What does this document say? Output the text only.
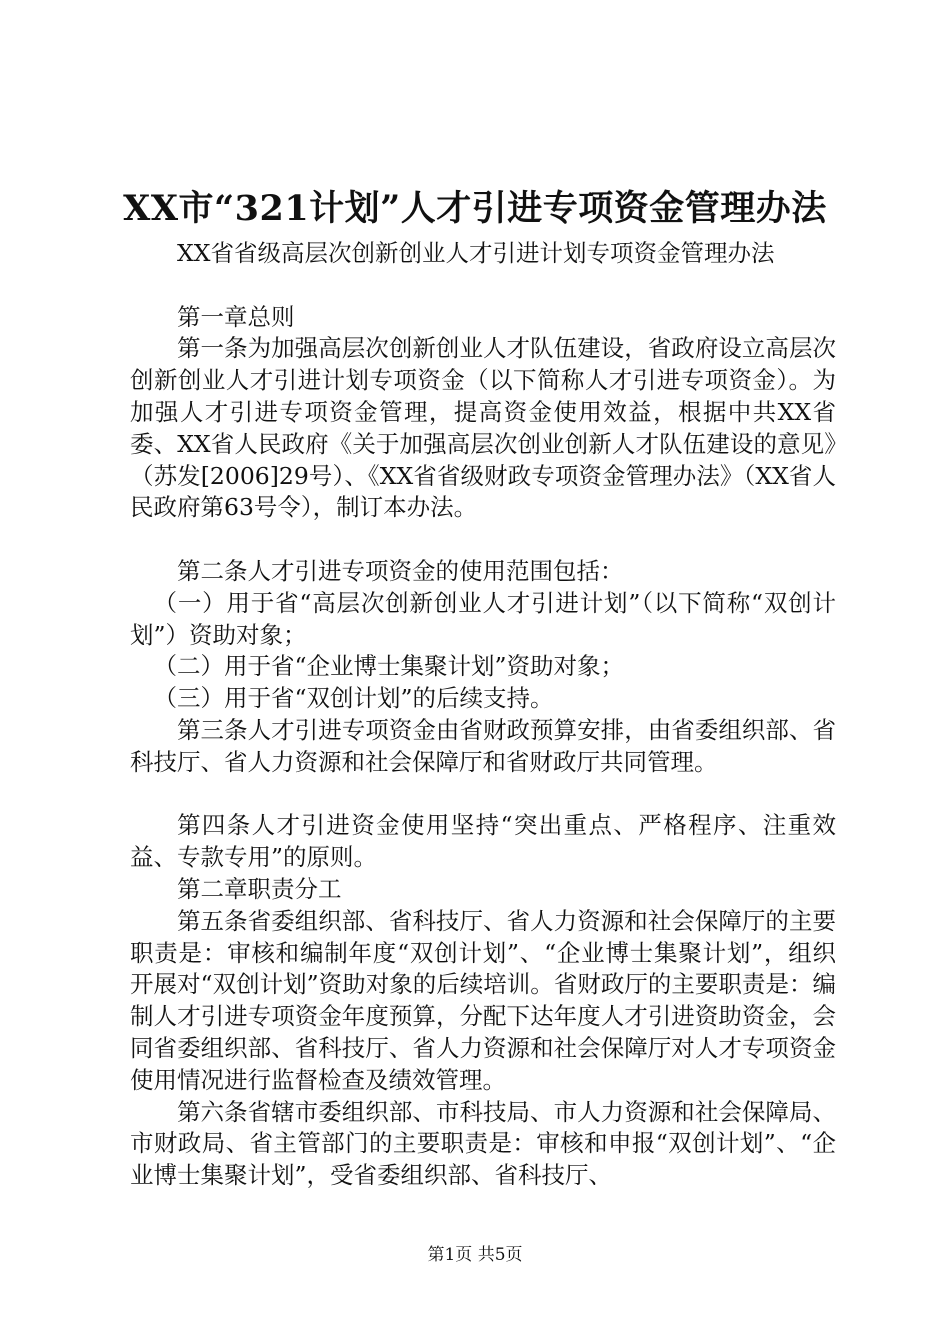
XX市“321计划”人才引进专项资金管理办法

XX省省级高层次创新创业人才引进计划专项资金管理办法

第一章总则

第一条为加强高层次创新创业人才队伍建设，省政府设立高层次创新创业人才引进计划专项资金（以下简称人才引进专项资金）。为加强人才引进专项资金管理，提高资金使用效益，根据中共XX省委、XX省人民政府《关于加强高层次创业创新人才队伍建设的意见》（苏发[2006]29号）、《XX省省级财政专项资金管理办法》（XX省人民政府第63号令），制订本办法。

第二条人才引进专项资金的使用范围包括：

（一）用于省“高层次创新创业人才引进计划”（以下简称“双创计划”）资助对象；

（二）用于省“企业博士集聚计划”资助对象；

（三）用于省“双创计划”的后续支持。

第三条人才引进专项资金由省财政预算安排，由省委组织部、省科技厅、省人力资源和社会保障厅和省财政厅共同管理。

第四条人才引进资金使用坚持“突出重点、严格程序、注重效益、专款专用”的原则。

第二章职责分工

第五条省委组织部、省科技厅、省人力资源和社会保障厅的主要职责是：审核和编制年度“双创计划”、“企业博士集聚计划”，组织开展对“双创计划”资助对象的后续培训。省财政厅的主要职责是：编制人才引进专项资金年度预算，分配下达年度人才引进资助资金，会同省委组织部、省科技厅、省人力资源和社会保障厅对人才专项资金使用情况进行监督检查及绩效管理。

第六条省辖市委组织部、市科技局、市人力资源和社会保障局、市财政局、省主管部门的主要职责是：审核和申报“双创计划”、“企业博士集聚计划”，受省委组织部、省科技厅、

第1页 共5页
